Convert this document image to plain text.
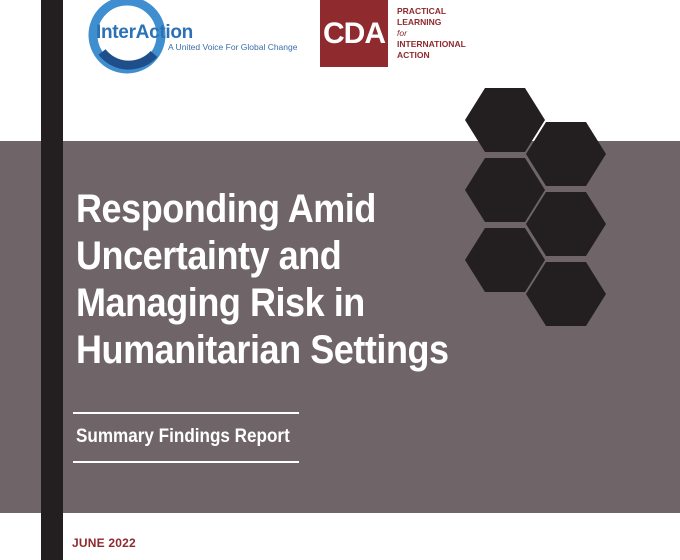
InterAction
A United Voice For Global Change CDA
PRACTICAL
LEARNING
for
INTERNATIONAL
ACTION
Responding Amid
Uncertainty and
Managing Risk in
Humanitarian Settings
Summary Findings Report
JUNE 2022
